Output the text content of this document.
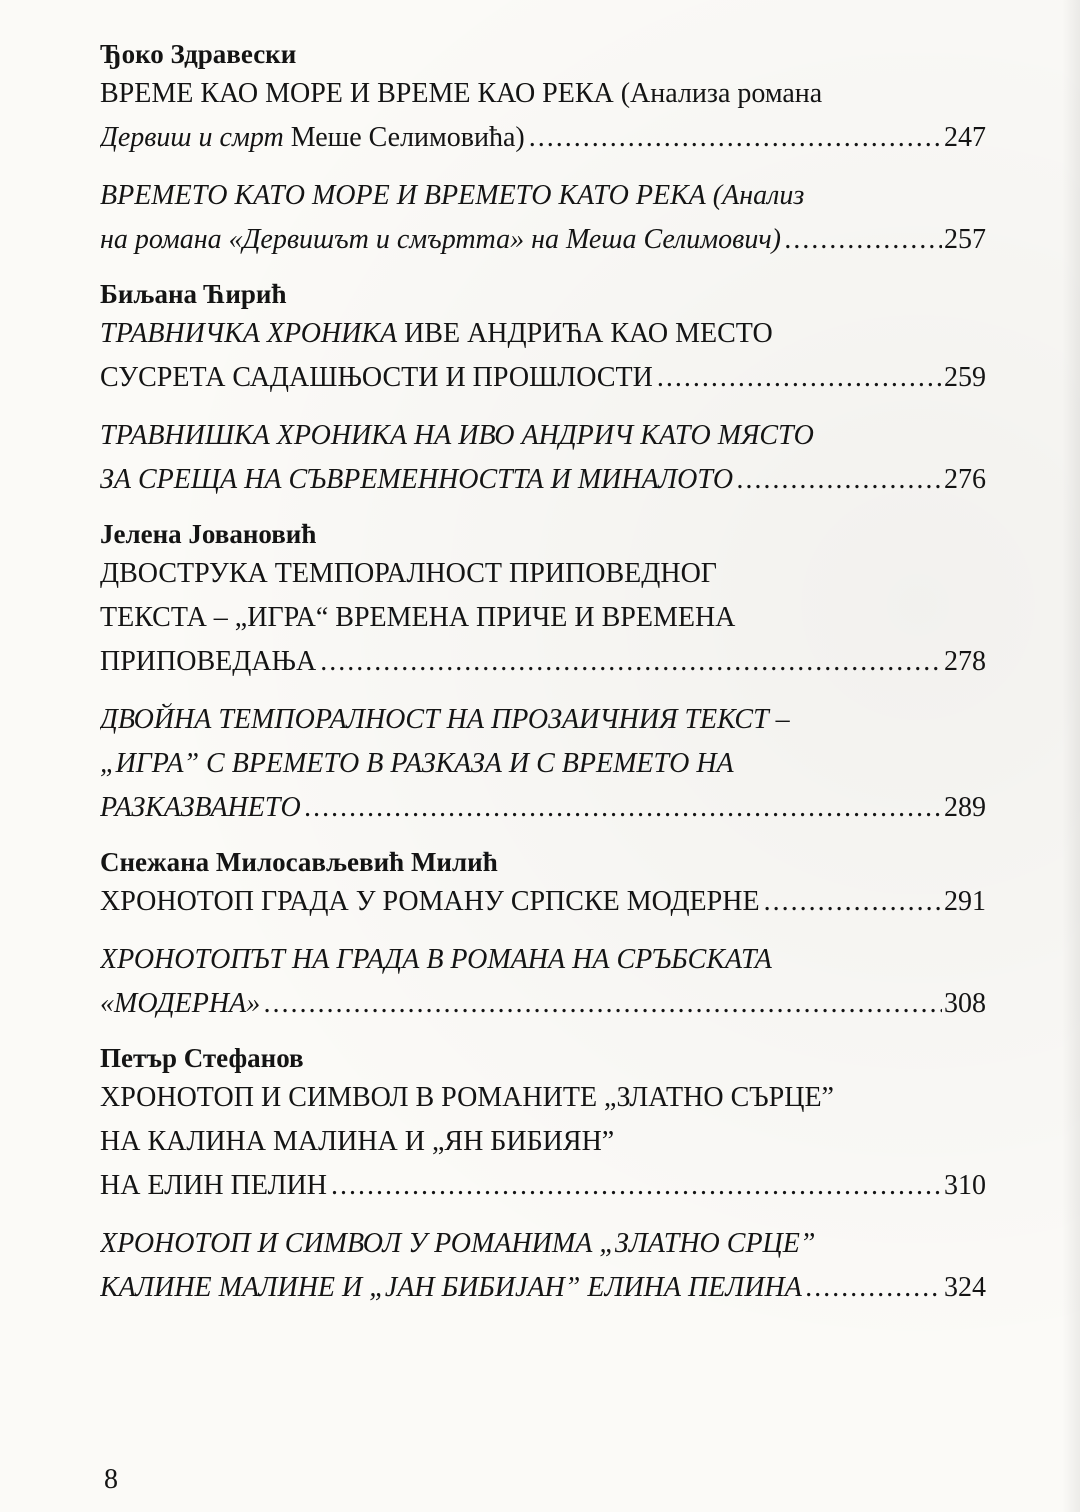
Ђоко Здравески
ВРЕМЕ КАО МОРЕ И ВРЕМЕ КАО РЕКА (Анализа романа
Дервиш и смрт Меше Селимовића) .....	247
ВРЕМЕТО КАТО МОРЕ И ВРЕМЕТО КАТО РЕКА (Анализ
на романа «Дервишът и смъртта» на Меша Селимович) .....	257
Биљана Ћирић
ТРАВНИЧКА ХРОНИКА ИВЕ АНДРИЋА КАО МЕСТО
СУСРЕТА САДАШЊОСТИ И ПРОШЛОСТИ .....	259
ТРАВНИШКА ХРОНИКА НА ИВО АНДРИЧ КАТО МЯСТО
ЗА СРЕЩА НА СЪВРЕМЕННОСТТА И МИНАЛОТО .....	276
Јелена Јовановић
ДВОСТРУКА ТЕМПОРАЛНОСТ ПРИПОВЕДНОГ
ТЕКСТА – „ИГРА“ ВРЕМЕНА ПРИЧЕ И ВРЕМЕНА
ПРИПОВЕДАЊА .....	278
ДВОЙНА ТЕМПОРАЛНОСТ НА ПРОЗАИЧНИЯ ТЕКСТ –
„ИГРА” С ВРЕМЕТО В РАЗКАЗА И С ВРЕМЕТО НА
РАЗКАЗВАНЕТО .....	289
Снежана Милосављевић Милић
ХРОНОТОП ГРАДА У РОМАНУ СРПСКЕ МОДЕРНЕ .....	291
ХРОНОТОПЪТ НА ГРАДА В РОМАНА НА СРЪБСКАТА
«МОДЕРНА» .....	308
Петър Стефанов
ХРОНОТОП И СИМВОЛ В РОМАНИТЕ „ЗЛАТНО СЪРЦЕ”
НА КАЛИНА МАЛИНА И „ЯН БИБИЯН”
НА ЕЛИН ПЕЛИН .....	310
ХРОНОТОП И СИМВОЛ У РОМАНИМА „ЗЛАТНО СРЦЕ”
КАЛИНЕ МАЛИНЕ И „ЈАН БИБИЈАН” ЕЛИНА ПЕЛИНА .....	324
8
